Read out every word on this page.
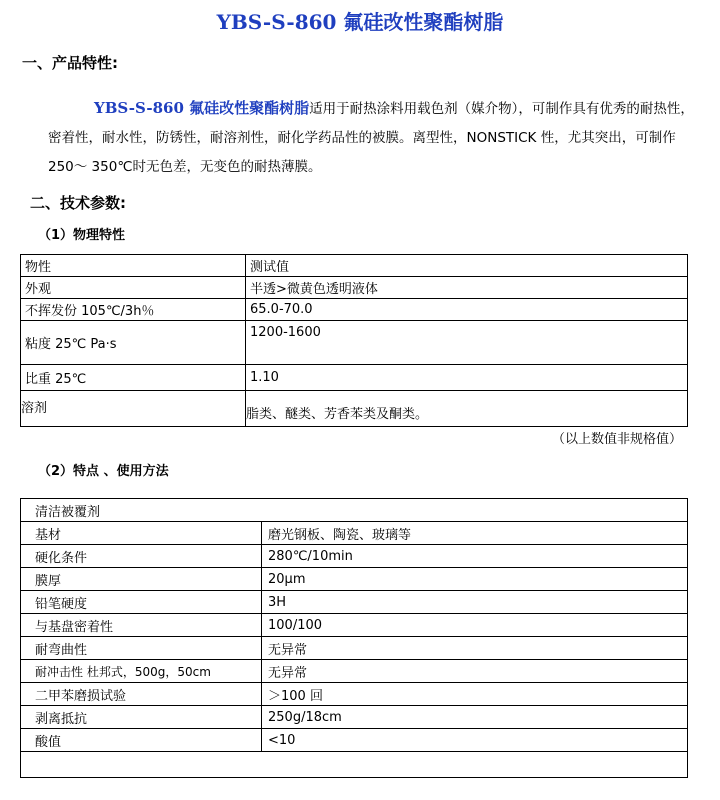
YBS-S-860 氟硅改性聚酯树脂
一、产品特性:
YBS-S-860 氟硅改性聚酯树脂适用于耐热涂料用载色剂（媒介物），可制作具有优秀的耐热性，密着性，耐水性，防锈性，耐溶剂性，耐化学药品性的被膜。离型性，NONSTICK 性，尤其突出，可制作 250～ 350℃时无色差，无变色的耐热薄膜。
二、技术参数:
（1）物理特性
物性	测试值
外观	半透>微黄色透明液体
不挥发份 105℃/3h％	65.0-70.0
粘度 25℃ Pa·s	1200-1600
比重 25℃	1.10
溶剂	脂类、醚类、芳香苯类及酮类。
（以上数值非规格值）
（2）特点 、使用方法
清洁被覆剂	
基材	磨光钢板、陶瓷、玻璃等
硬化条件	280℃/10min
膜厚	20μm
铅笔硬度	3H
与基盘密着性	100/100
耐弯曲性	无异常
耐冲击性 杜邦式，500g，50cm	无异常
二甲苯磨损试验	＞100 回
剥离抵抗	250g/18cm
酸值	<10
